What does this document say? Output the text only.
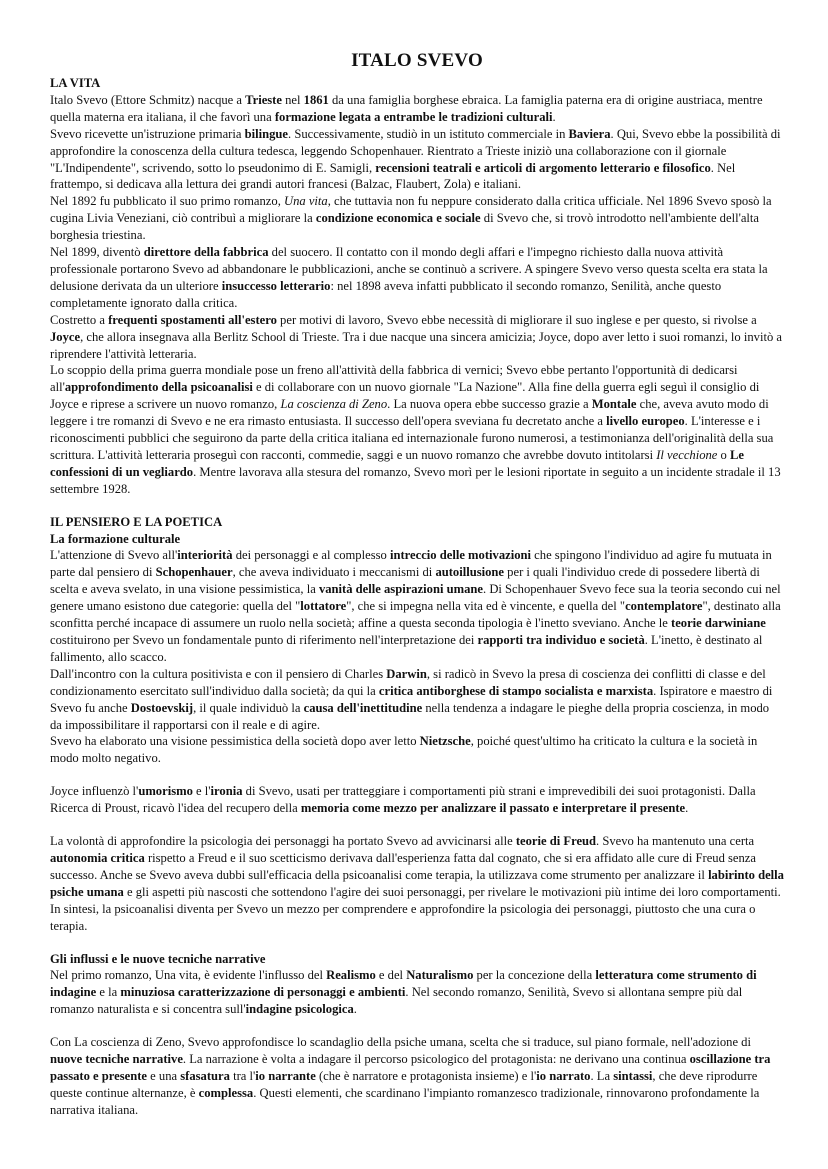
ITALO SVEVO
LA VITA

Italo Svevo (Ettore Schmitz) nacque a Trieste nel 1861 da una famiglia borghese ebraica. La famiglia paterna era di origine austriaca, mentre quella materna era italiana, il che favorì una formazione legata a entrambe le tradizioni culturali.

Svevo ricevette un'istruzione primaria bilingue. Successivamente, studiò in un istituto commerciale in Baviera. Qui, Svevo ebbe la possibilità di approfondire la conoscenza della cultura tedesca, leggendo Schopenhauer. Rientrato a Trieste iniziò una collaborazione con il giornale "L'Indipendente", scrivendo, sotto lo pseudonimo di E. Samigli, recensioni teatrali e articoli di argomento letterario e filosofico. Nel frattempo, si dedicava alla lettura dei grandi autori francesi (Balzac, Flaubert, Zola) e italiani.

Nel 1892 fu pubblicato il suo primo romanzo, Una vita, che tuttavia non fu neppure considerato dalla critica ufficiale. Nel 1896 Svevo sposò la cugina Livia Veneziani, ciò contribuì a migliorare la condizione economica e sociale di Svevo che, si trovò introdotto nell'ambiente dell'alta borghesia triestina.

Nel 1899, diventò direttore della fabbrica del suocero. Il contatto con il mondo degli affari e l'impegno richiesto dalla nuova attività professionale portarono Svevo ad abbandonare le pubblicazioni, anche se continuò a scrivere. A spingere Svevo verso questa scelta era stata la delusione derivata da un ulteriore insuccesso letterario: nel 1898 aveva infatti pubblicato il secondo romanzo, Senilità, anche questo completamente ignorato dalla critica.

Costretto a frequenti spostamenti all'estero per motivi di lavoro, Svevo ebbe necessità di migliorare il suo inglese e per questo, si rivolse a Joyce, che allora insegnava alla Berlitz School di Trieste. Tra i due nacque una sincera amicizia; Joyce, dopo aver letto i suoi romanzi, lo invitò a riprendere l'attività letteraria.

Lo scoppio della prima guerra mondiale pose un freno all'attività della fabbrica di vernici; Svevo ebbe pertanto l'opportunità di dedicarsi all'approfondimento della psicoanalisi e di collaborare con un nuovo giornale "La Nazione". Alla fine della guerra egli seguì il consiglio di Joyce e riprese a scrivere un nuovo romanzo, La coscienza di Zeno. La nuova opera ebbe successo grazie a Montale che, aveva avuto modo di leggere i tre romanzi di Svevo e ne era rimasto entusiasta. Il successo dell'opera sveviana fu decretato anche a livello europeo. L'interesse e i riconoscimenti pubblici che seguirono da parte della critica italiana ed internazionale furono numerosi, a testimonianza dell'originalità della sua scrittura. L'attività letteraria proseguì con racconti, commedie, saggi e un nuovo romanzo che avrebbe dovuto intitolarsi Il vecchione o Le confessioni di un vegliardo. Mentre lavorava alla stesura del romanzo, Svevo morì per le lesioni riportate in seguito a un incidente stradale il 13 settembre 1928.

IL PENSIERO E LA POETICA
La formazione culturale

L'attenzione di Svevo all'interiorità dei personaggi e al complesso intreccio delle motivazioni che spingono l'individuo ad agire fu mutuata in parte dal pensiero di Schopenhauer, che aveva individuato i meccanismi di autoillusione per i quali l'individuo crede di possedere libertà di scelta e aveva svelato, in una visione pessimistica, la vanità delle aspirazioni umane. Di Schopenhauer Svevo fece sua la teoria secondo cui nel genere umano esistono due categorie: quella del "lottatore", che si impegna nella vita ed è vincente, e quella del "contemplatore", destinato alla sconfitta perché incapace di assumere un ruolo nella società; affine a questa seconda tipologia è l'inetto sveviano. Anche le teorie darwiniane costituirono per Svevo un fondamentale punto di riferimento nell'interpretazione dei rapporti tra individuo e società. L'inetto, è destinato al fallimento, allo scacco.

Dall'incontro con la cultura positivista e con il pensiero di Charles Darwin, si radicò in Svevo la presa di coscienza dei conflitti di classe e del condizionamento esercitato sull'individuo dalla società; da qui la critica antiborghese di stampo socialista e marxista. Ispiratore e maestro di Svevo fu anche Dostoevskij, il quale individuò la causa dell'inettitudine nella tendenza a indagare le pieghe della propria coscienza, in modo da impossibilitare il rapportarsi con il reale e di agire.

Svevo ha elaborato una visione pessimistica della società dopo aver letto Nietzsche, poiché quest'ultimo ha criticato la cultura e la società in modo molto negativo.

Joyce influenzò l'umorismo e l'ironia di Svevo, usati per tratteggiare i comportamenti più strani e imprevedibili dei suoi protagonisti. Dalla Ricerca di Proust, ricavò l'idea del recupero della memoria come mezzo per analizzare il passato e interpretare il presente.

La volontà di approfondire la psicologia dei personaggi ha portato Svevo ad avvicinarsi alle teorie di Freud. Svevo ha mantenuto una certa autonomia critica rispetto a Freud e il suo scetticismo derivava dall'esperienza fatta dal cognato, che si era affidato alle cure di Freud senza successo. Anche se Svevo aveva dubbi sull'efficacia della psicoanalisi come terapia, la utilizzava come strumento per analizzare il labirinto della psiche umana e gli aspetti più nascosti che sottendono l'agire dei suoi personaggi, per rivelare le motivazioni più intime dei loro comportamenti. In sintesi, la psicoanalisi diventa per Svevo un mezzo per comprendere e approfondire la psicologia dei personaggi, piuttosto che una cura o terapia.

Gli influssi e le nuove tecniche narrative

Nel primo romanzo, Una vita, è evidente l'influsso del Realismo e del Naturalismo per la concezione della letteratura come strumento di indagine e la minuziosa caratterizzazione di personaggi e ambienti. Nel secondo romanzo, Senilità, Svevo si allontana sempre più dal romanzo naturalista e si concentra sull'indagine psicologica.

Con La coscienza di Zeno, Svevo approfondisce lo scandaglio della psiche umana, scelta che si traduce, sul piano formale, nell'adozione di nuove tecniche narrative. La narrazione è volta a indagare il percorso psicologico del protagonista: ne derivano una continua oscillazione tra passato e presente e una sfasatura tra l'io narrante (che è narratore e protagonista insieme) e l'io narrato. La sintassi, che deve riprodurre queste continue alternanze, è complessa. Questi elementi, che scardinano l'impianto romanzesco tradizionale, rinnovarono profondamente la narrativa italiana.
